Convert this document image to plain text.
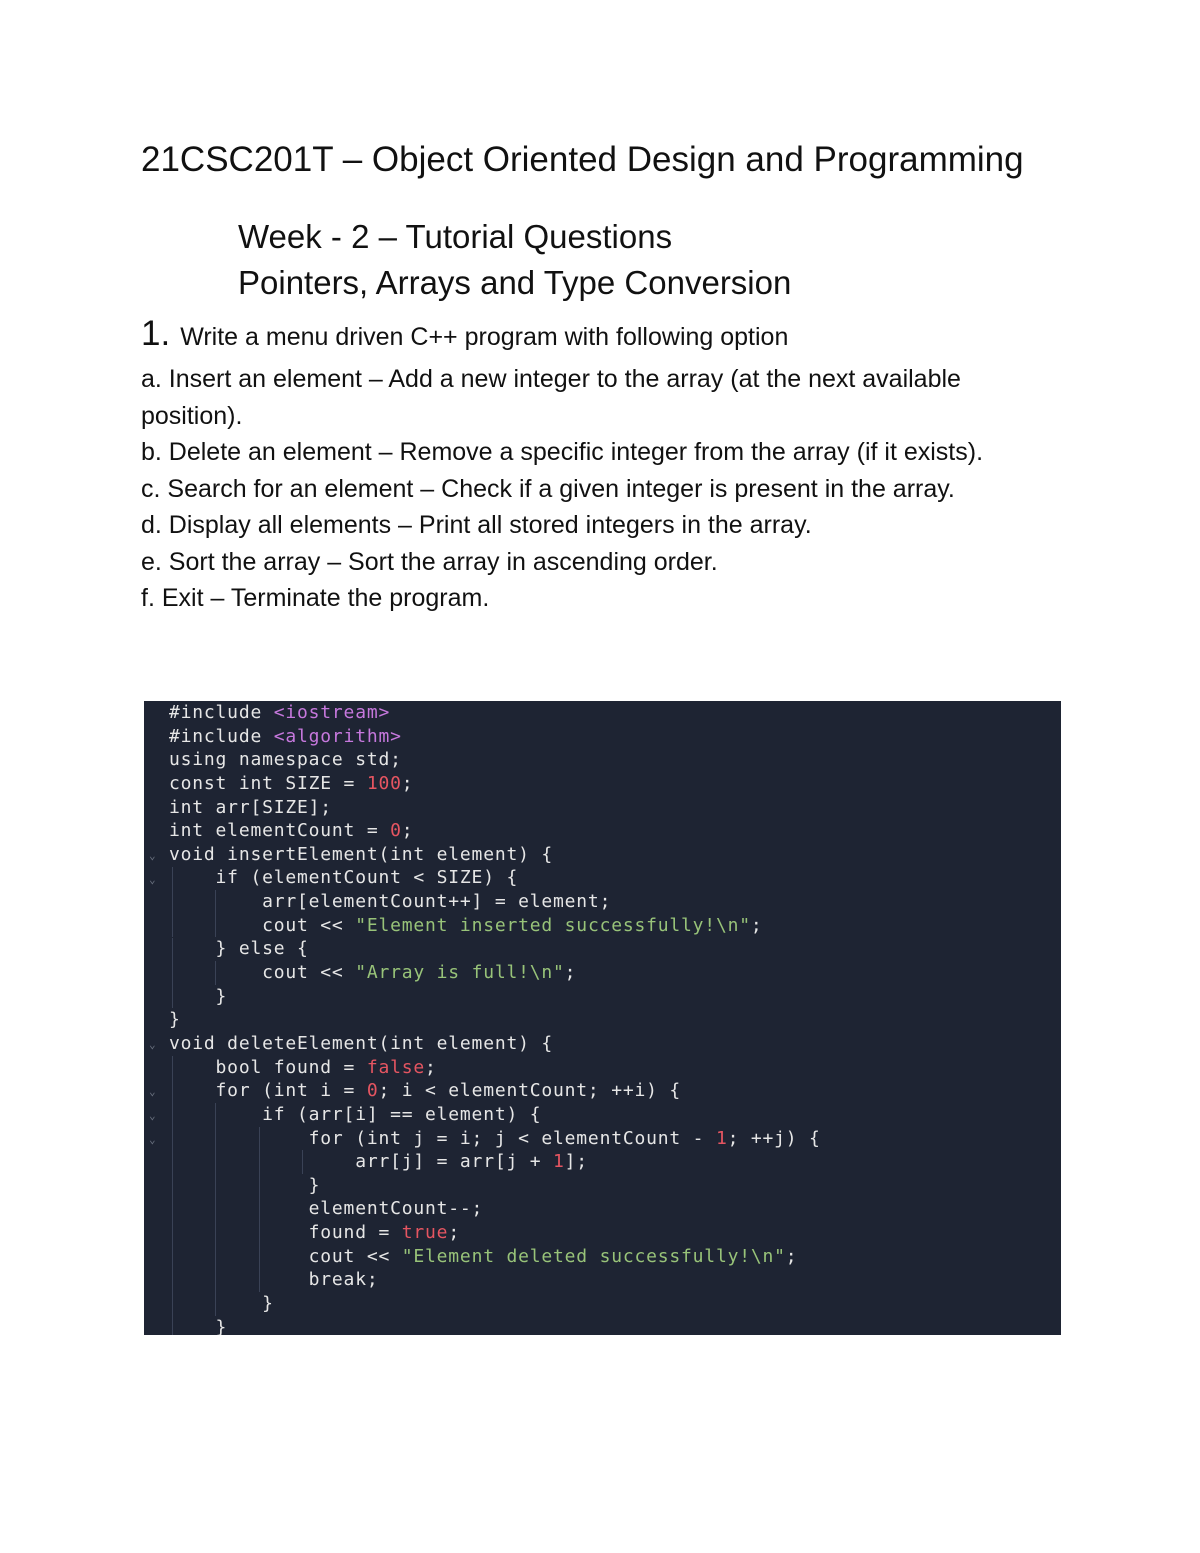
21CSC201T – Object Oriented Design and Programming
Week - 2 – Tutorial Questions
Pointers, Arrays and Type Conversion
1. Write a menu driven C++ program with following option

a. Insert an element – Add a new integer to the array (at the next available position).

b. Delete an element – Remove a specific integer from the array (if it exists).

c. Search for an element – Check if a given integer is present in the array.

d. Display all elements – Print all stored integers in the array.

e. Sort the array – Sort the array in ascending order.

f. Exit – Terminate the program.

⌄
⌄
⌄
⌄
⌄
⌄
#include <iostream>
#include <algorithm>
using namespace std;
const int SIZE = 100;
int arr[SIZE];
int elementCount = 0;
void insertElement(int element) {
if (elementCount < SIZE) {
arr[elementCount++] = element;
cout << "Element inserted successfully!\n";
} else {
cout << "Array is full!\n";
}
}
void deleteElement(int element) {
bool found = false;
for (int i = 0; i < elementCount; ++i) {
if (arr[i] == element) {
for (int j = i; j < elementCount - 1; ++j) {
arr[j] = arr[j + 1];
}
elementCount--;
found = true;
cout << "Element deleted successfully!\n";
break;
}
}
